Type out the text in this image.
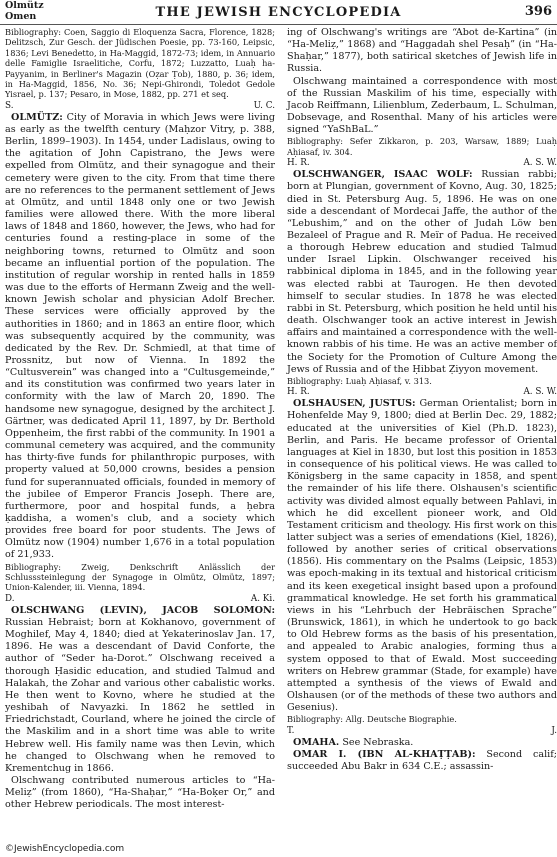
Olmütz
Omen	THE JEWISH ENCYCLOPEDIA	396

Bibliography: Coen, Saggio di Eloquenza Sacra, Florence, 1828; Delitzsch, Zur Gesch. der Jüdischen Poesie, pp. 73-160, Leipsic, 1836; Levi Benedetto, in Ha-Maggid, 1872-73; idem, in Annuario delle Famiglie Israelitiche, Corfu, 1872; Luzzatto, Luaḥ ha-Payyanim, in Berliner's Magazin (Oẓar Ṭob), 1880, p. 36; idem, in Ha-Maggid, 1856, No. 36; Nepi-Ghirondi, Toledot Gedole Yisrael, p. 137; Pesaro, in Mose, 1882, pp. 271 et seq.

S.	U. C.

OLMÜTZ: City of Moravia in which Jews were living as early as the twelfth century (Maḥzor Vitry, p. 388, Berlin, 1899–1903). In 1454, under Ladislaus, owing to the agitation of John Capistrano, the Jews were expelled from Olmütz, and their synagogue and their cemetery were given to the city. From that time there are no references to the permanent settlement of Jews at Olmütz, and until 1848 only one or two Jewish families were allowed there. With the more liberal laws of 1848 and 1860, however, the Jews, who had for centuries found a resting-place in some of the neighboring towns, returned to Olmütz and soon became an influential portion of the population. The institution of regular worship in rented halls in 1859 was due to the efforts of Hermann Zweig and the well-known Jewish scholar and physician Adolf Brecher. These services were officially approved by the authorities in 1860; and in 1863 an entire floor, which was subsequently acquired by the community, was dedicated by the Rev. Dr. Schmiedl, at that time of Prossnitz, but now of Vienna. In 1892 the “Cultusverein” was changed into a “Cultusgemeinde,” and its constitution was confirmed two years later in conformity with the law of March 20, 1890. The handsome new synagogue, designed by the architect J. Gärtner, was dedicated April 11, 1897, by Dr. Berthold Oppenheim, the first rabbi of the community. In 1901 a communal cemetery was acquired, and the community has thirty-five funds for philanthropic purposes, with property valued at 50,000 crowns, besides a pension fund for superannuated officials, founded in memory of the jubilee of Emperor Francis Joseph. There are, furthermore, poor and hospital funds, a ḥebra ḳaddisha, a women's club, and a society which provides free board for poor students. The Jews of Olmütz now (1904) number 1,676 in a total population of 21,933.

Bibliography: Zweig, Denkschrift Anlässlich der Schlusssteinlegung der Synagoge in Olmütz, Olmütz, 1897; Union-Kalender, iii. Vienna, 1894.

D.	A. Ki.

OLSCHWANG (LEVIN), JACOB SOLOMON: Russian Hebraist; born at Kokhanovo, government of Moghilef, May 4, 1840; died at Yekaterinoslav Jan. 17, 1896. He was a descendant of David Conforte, the author of “Seder ha-Dorot.” Olschwang received a thorough Ḥasidic education, and studied Talmud and Halakah, the Zohar and various other cabalistic works. He then went to Kovno, where he studied at the yeshibah of Navyazki. In 1862 he settled in Friedrichstadt, Courland, where he joined the circle of the Maskilim and in a short time was able to write Hebrew well. His family name was then Levin, which he changed to Olschwang when he removed to Krementchug in 1866.

Olschwang contributed numerous articles to “Ha-Meliẓ” (from 1860), “Ha-Shaḥar,” “Ha-Boḳer Or,” and other Hebrew periodicals. The most interest-

ing of Olschwang's writings are “Abot de-Kartina” (in “Ha-Meliẓ,” 1868) and “Haggadah shel Pesaḥ” (in “Ha-Shaḥar,” 1877), both satirical sketches of Jewish life in Russia.

Olschwang maintained a correspondence with most of the Russian Maskilim of his time, especially with Jacob Reiffmann, Lilienblum, Zederbaum, L. Schulman, Dobsevage, and Rosenthal. Many of his articles were signed “YaShBaL.”

Bibliography: Sefer Zikkaron, p. 203, Warsaw, 1889; Luaḥ Aḥiasaf, iv. 304.

H. R.	A. S. W.

OLSCHWANGER, ISAAC WOLF: Russian rabbi; born at Plungian, government of Kovno, Aug. 30, 1825; died in St. Petersburg Aug. 5, 1896. He was on one side a descendant of Mordecai Jaffe, the author of the “Lebushim,” and on the other of Judah Löw ben Bezaleel of Prague and R. Meïr of Padua. He received a thorough Hebrew education and studied Talmud under Israel Lipkin. Olschwanger received his rabbinical diploma in 1845, and in the following year was elected rabbi at Taurogen. He then devoted himself to secular studies. In 1878 he was elected rabbi in St. Petersburg, which position he held until his death. Olschwanger took an active interest in Jewish affairs and maintained a correspondence with the well-known rabbis of his time. He was an active member of the Society for the Promotion of Culture Among the Jews of Russia and of the Ḥibbat Ẓiyyon movement.

Bibliography: Luaḥ Aḥiasaf, v. 313.

H. R.	A. S. W.

OLSHAUSEN, JUSTUS: German Orientalist; born in Hohenfelde May 9, 1800; died at Berlin Dec. 29, 1882; educated at the universities of Kiel (Ph.D. 1823), Berlin, and Paris. He became professor of Oriental languages at Kiel in 1830, but lost this position in 1853 in consequence of his political views. He was called to Königsberg in the same capacity in 1858, and spent the remainder of his life there. Olshausen's scientific activity was divided almost equally between Pahlavi, in which he did excellent pioneer work, and Old Testament criticism and theology. His first work on this latter subject was a series of emendations (Kiel, 1826), followed by another series of critical observations (1856). His commentary on the Psalms (Leipsic, 1853) was epoch-making in its textual and historical criticism and its keen exegetical insight based upon a profound grammatical knowledge. He set forth his grammatical views in his “Lehrbuch der Hebräischen Sprache” (Brunswick, 1861), in which he undertook to go back to Old Hebrew forms as the basis of his presentation, and appealed to Arabic analogies, forming thus a system opposed to that of Ewald. Most succeeding writers on Hebrew grammar (Stade, for example) have attempted a synthesis of the views of Ewald and Olshausen (or of the methods of these two authors and Gesenius).

Bibliography: Allg. Deutsche Biographie.

T.	J.

OMAHA. See Nebraska.

OMAR I. (IBN AL-KHAṬṬAB): Second calif; succeeded Abu Bakr in 634 C.E.; assassin-

©JewishEncyclopedia.com
